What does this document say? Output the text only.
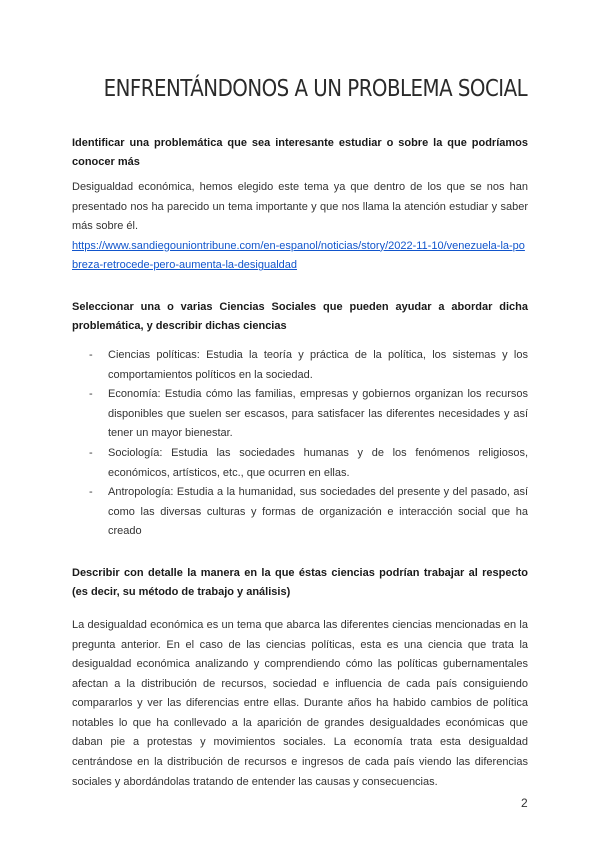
ENFRENTÁNDONOS A UN PROBLEMA SOCIAL

Identificar una problemática que sea interesante estudiar o sobre la que podríamos conocer más

Desigualdad económica, hemos elegido este tema ya que dentro de los que se nos han presentado nos ha parecido un tema importante y que nos llama la atención estudiar y saber más sobre él.

https://www.sandiegouniontribune.com/en-espanol/noticias/story/2022-11-10/venezuela-la-pobreza-retrocede-pero-aumenta-la-desigualdad

Seleccionar una o varias Ciencias Sociales que pueden ayudar a abordar dicha problemática, y describir dichas ciencias

- Ciencias políticas: Estudia la teoría y práctica de la política, los sistemas y los comportamientos políticos en la sociedad.
- Economía: Estudia cómo las familias, empresas y gobiernos organizan los recursos disponibles que suelen ser escasos, para satisfacer las diferentes necesidades y así tener un mayor bienestar.
- Sociología: Estudia las sociedades humanas y de los fenómenos religiosos, económicos, artísticos, etc., que ocurren en ellas.
- Antropología: Estudia a la humanidad, sus sociedades del presente y del pasado, así como las diversas culturas y formas de organización e interacción social que ha creado

Describir con detalle la manera en la que éstas ciencias podrían trabajar al respecto (es decir, su método de trabajo y análisis)

La desigualdad económica es un tema que abarca las diferentes ciencias mencionadas en la pregunta anterior. En el caso de las ciencias políticas, esta es una ciencia que trata la desigualdad económica analizando y comprendiendo cómo las políticas gubernamentales afectan a la distribución de recursos, sociedad e influencia de cada país consiguiendo compararlos y ver las diferencias entre ellas. Durante años ha habido cambios de política notables lo que ha conllevado a la aparición de grandes desigualdades económicas que daban pie a protestas y movimientos sociales. La economía trata esta desigualdad centrándose en la distribución de recursos e ingresos de cada país viendo las diferencias sociales y abordándolas tratando de entender las causas y consecuencias.

2
